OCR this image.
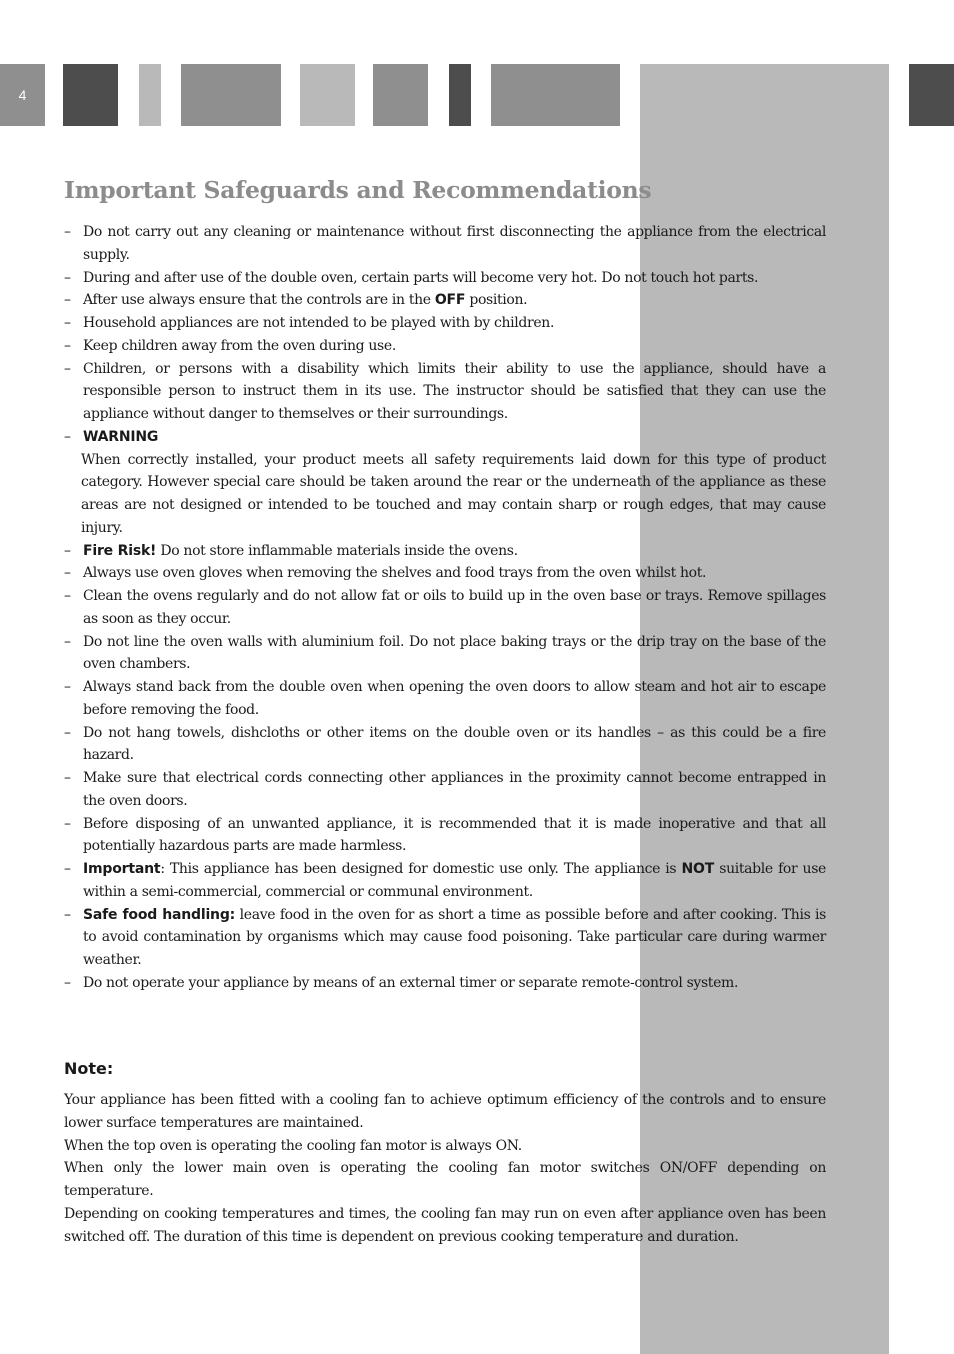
4
Important Safeguards and Recommendations
– Do not carry out any cleaning or maintenance without first disconnecting the appliance from the electrical supply.
– During and after use of the double oven, certain parts will become very hot. Do not touch hot parts.
– After use always ensure that the controls are in the OFF position.
– Household appliances are not intended to be played with by children.
– Keep children away from the oven during use.
– Children, or persons with a disability which limits their ability to use the appliance, should have a responsible person to instruct them in its use. The instructor should be satisfied that they can use the appliance without danger to themselves or their surroundings.
– WARNING
When correctly installed, your product meets all safety requirements laid down for this type of product category. However special care should be taken around the rear or the underneath of the appliance as these areas are not designed or intended to be touched and may contain sharp or rough edges, that may cause injury.
– Fire Risk! Do not store inflammable materials inside the ovens.
– Always use oven gloves when removing the shelves and food trays from the oven whilst hot.
– Clean the ovens regularly and do not allow fat or oils to build up in the oven base or trays. Remove spillages as soon as they occur.
– Do not line the oven walls with aluminium foil. Do not place baking trays or the drip tray on the base of the oven chambers.
– Always stand back from the double oven when opening the oven doors to allow steam and hot air to escape before removing the food.
– Do not hang towels, dishcloths or other items on the double oven or its handles – as this could be a fire hazard.
– Make sure that electrical cords connecting other appliances in the proximity cannot become entrapped in the oven doors.
– Before disposing of an unwanted appliance, it is recommended that it is made inoperative and that all potentially hazardous parts are made harmless.
– Important: This appliance has been designed for domestic use only. The appliance is NOT suitable for use within a semi-commercial, commercial or communal environment.
– Safe food handling: leave food in the oven for as short a time as possible before and after cooking. This is to avoid contamination by organisms which may cause food poisoning. Take particular care during warmer weather.
– Do not operate your appliance by means of an external timer or separate remote-control system.
Note:

Your appliance has been fitted with a cooling fan to achieve optimum efficiency of the controls and to ensure lower surface temperatures are maintained.

When the top oven is operating the cooling fan motor is always ON.

When only the lower main oven is operating the cooling fan motor switches ON/OFF depending on temperature.

Depending on cooking temperatures and times, the cooling fan may run on even after appliance oven has been switched off. The duration of this time is dependent on previous cooking temperature and duration.
